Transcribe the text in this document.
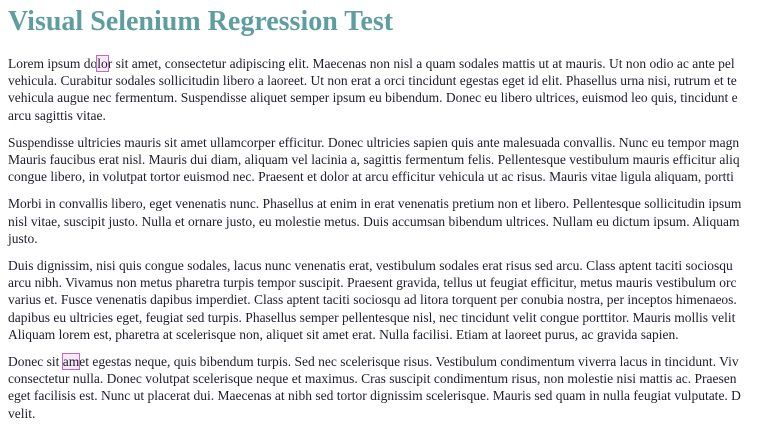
Visual Selenium Regression Test
Lorem ipsum dolor sit amet, consectetur adipiscing elit. Maecenas non nisl a quam sodales mattis ut at mauris. Ut non odio ac ante pel
vehicula. Curabitur sodales sollicitudin libero a laoreet. Ut non erat a orci tincidunt egestas eget id elit. Phasellus urna nisi, rutrum et te
vehicula augue nec fermentum. Suspendisse aliquet semper ipsum eu bibendum. Donec eu libero ultrices, euismod leo quis, tincidunt e
arcu sagittis vitae.
Suspendisse ultricies mauris sit amet ullamcorper efficitur. Donec ultricies sapien quis ante malesuada convallis. Nunc eu tempor magn
Mauris faucibus erat nisl. Mauris dui diam, aliquam vel lacinia a, sagittis fermentum felis. Pellentesque vestibulum mauris efficitur aliq
congue libero, in volutpat tortor euismod nec. Praesent et dolor at arcu efficitur vehicula ut ac risus. Mauris vitae ligula aliquam, portti
Morbi in convallis libero, eget venenatis nunc. Phasellus at enim in erat venenatis pretium non et libero. Pellentesque sollicitudin ipsum
nisl vitae, suscipit justo. Nulla et ornare justo, eu molestie metus. Duis accumsan bibendum ultrices. Nullam eu dictum ipsum. Aliquam
justo.
Duis dignissim, nisi quis congue sodales, lacus nunc venenatis erat, vestibulum sodales erat risus sed arcu. Class aptent taciti sociosqu
arcu nibh. Vivamus non metus pharetra turpis tempor suscipit. Praesent gravida, tellus ut feugiat efficitur, metus mauris vestibulum orc
varius et. Fusce venenatis dapibus imperdiet. Class aptent taciti sociosqu ad litora torquent per conubia nostra, per inceptos himenaeos.
dapibus eu ultricies eget, feugiat sed turpis. Phasellus semper pellentesque nisl, nec tincidunt velit congue porttitor. Mauris mollis velit
Aliquam lorem est, pharetra at scelerisque non, aliquet sit amet erat. Nulla facilisi. Etiam at laoreet purus, ac gravida sapien.
Donec sit amet egestas neque, quis bibendum turpis. Sed nec scelerisque risus. Vestibulum condimentum viverra lacus in tincidunt. Viv
consectetur nulla. Donec volutpat scelerisque neque et maximus. Cras suscipit condimentum risus, non molestie nisi mattis ac. Praesen
eget facilisis est. Nunc ut placerat dui. Maecenas at nibh sed tortor dignissim scelerisque. Mauris sed quam in nulla feugiat vulputate. D
velit.
